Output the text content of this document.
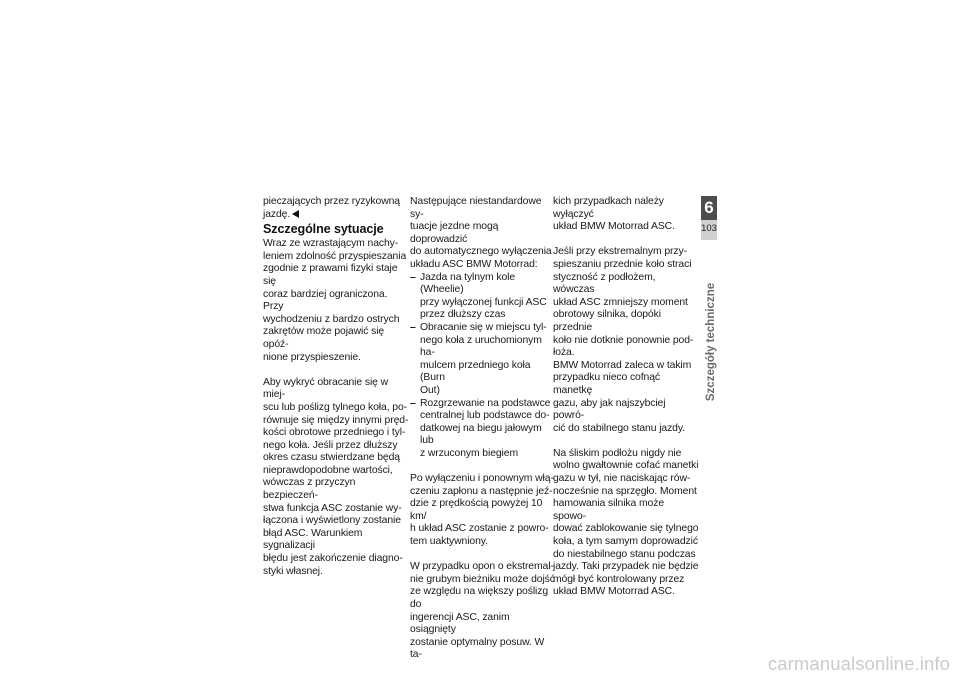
pieczających przez ryzykowną
jazdę.

Szczególne sytuacje

Wraz ze wzrastającym nachy-
leniem zdolność przyspieszania
zgodnie z prawami fizyki staje się
coraz bardziej ograniczona. Przy
wychodzeniu z bardzo ostrych
zakrętów może pojawić się opóź-
nione przyspieszenie.

Aby wykryć obracanie się w miej-
scu lub poślizg tylnego koła, po-
równuje się między innymi pręd-
kości obrotowe przedniego i tyl-
nego koła. Jeśli przez dłuższy
okres czasu stwierdzane będą
nieprawdopodobne wartości,
wówczas z przyczyn bezpieczeń-
stwa funkcja ASC zostanie wy-
łączona i wyświetlony zostanie
błąd ASC. Warunkiem sygnalizacji
błędu jest zakończenie diagno-
styki własnej.

Następujące niestandardowe sy-
tuacje jezdne mogą doprowadzić
do automatycznego wyłączenia
układu ASC BMW Motorrad:

– Jazda na tylnym kole (Wheelie)
przy wyłączonej funkcji ASC
przez dłuższy czas
– Obracanie się w miejscu tyl-
nego koła z uruchomionym ha-
mulcem przedniego koła (Burn
Out)
– Rozgrzewanie na podstawce
centralnej lub podstawce do-
datkowej na biegu jałowym lub
z wrzuconym biegiem

Po wyłączeniu i ponownym włą-
czeniu zapłonu a następnie jeź-
dzie z prędkością powyżej 10 km/
h układ ASC zostanie z powro-
tem uaktywniony.

W przypadku opon o ekstremal-
nie grubym bieżniku może dojść
ze względu na większy poślizg do
ingerencji ASC, zanim osiągnięty
zostanie optymalny posuw. W ta-

kich przypadkach należy wyłączyć
układ BMW Motorrad ASC.

Jeśli przy ekstremalnym przy-
spieszaniu przednie koło straci
styczność z podłożem, wówczas
układ ASC zmniejszy moment
obrotowy silnika, dopóki przednie
koło nie dotknie ponownie pod-
łoża.

BMW Motorrad zaleca w takim
przypadku nieco cofnąć manetkę
gazu, aby jak najszybciej powró-
cić do stabilnego stanu jazdy.

Na śliskim podłożu nigdy nie
wolno gwałtownie cofać manetki
gazu w tył, nie naciskając rów-
nocześnie na sprzęgło. Moment
hamowania silnika może spowo-
dować zablokowanie się tylnego
koła, a tym samym doprowadzić
do niestabilnego stanu podczas
jazdy. Taki przypadek nie będzie
mógł być kontrolowany przez
układ BMW Motorrad ASC.

6
103
Szczegóły techniczne
carmanualsonline.info
